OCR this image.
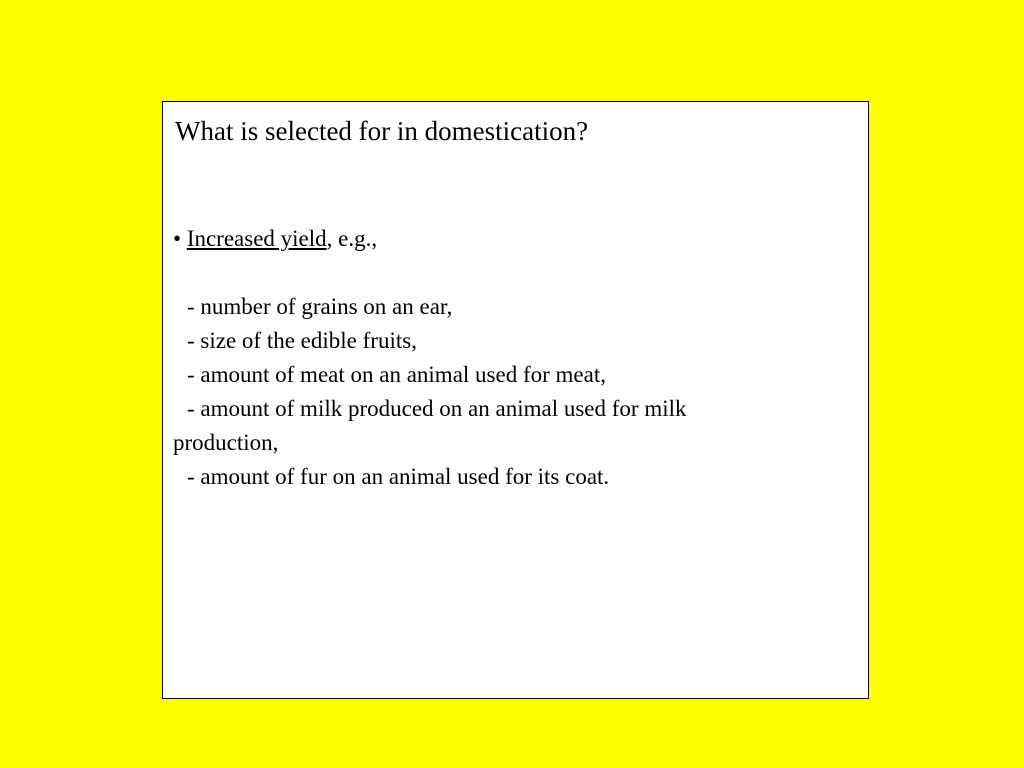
What is selected for in domestication?
• Increased yield, e.g.,
- number of grains on an ear,
- size of the edible fruits,
- amount of meat on an animal used for meat,
- amount of milk produced on an animal used for milk
production,
- amount of fur on an animal used for its coat.
